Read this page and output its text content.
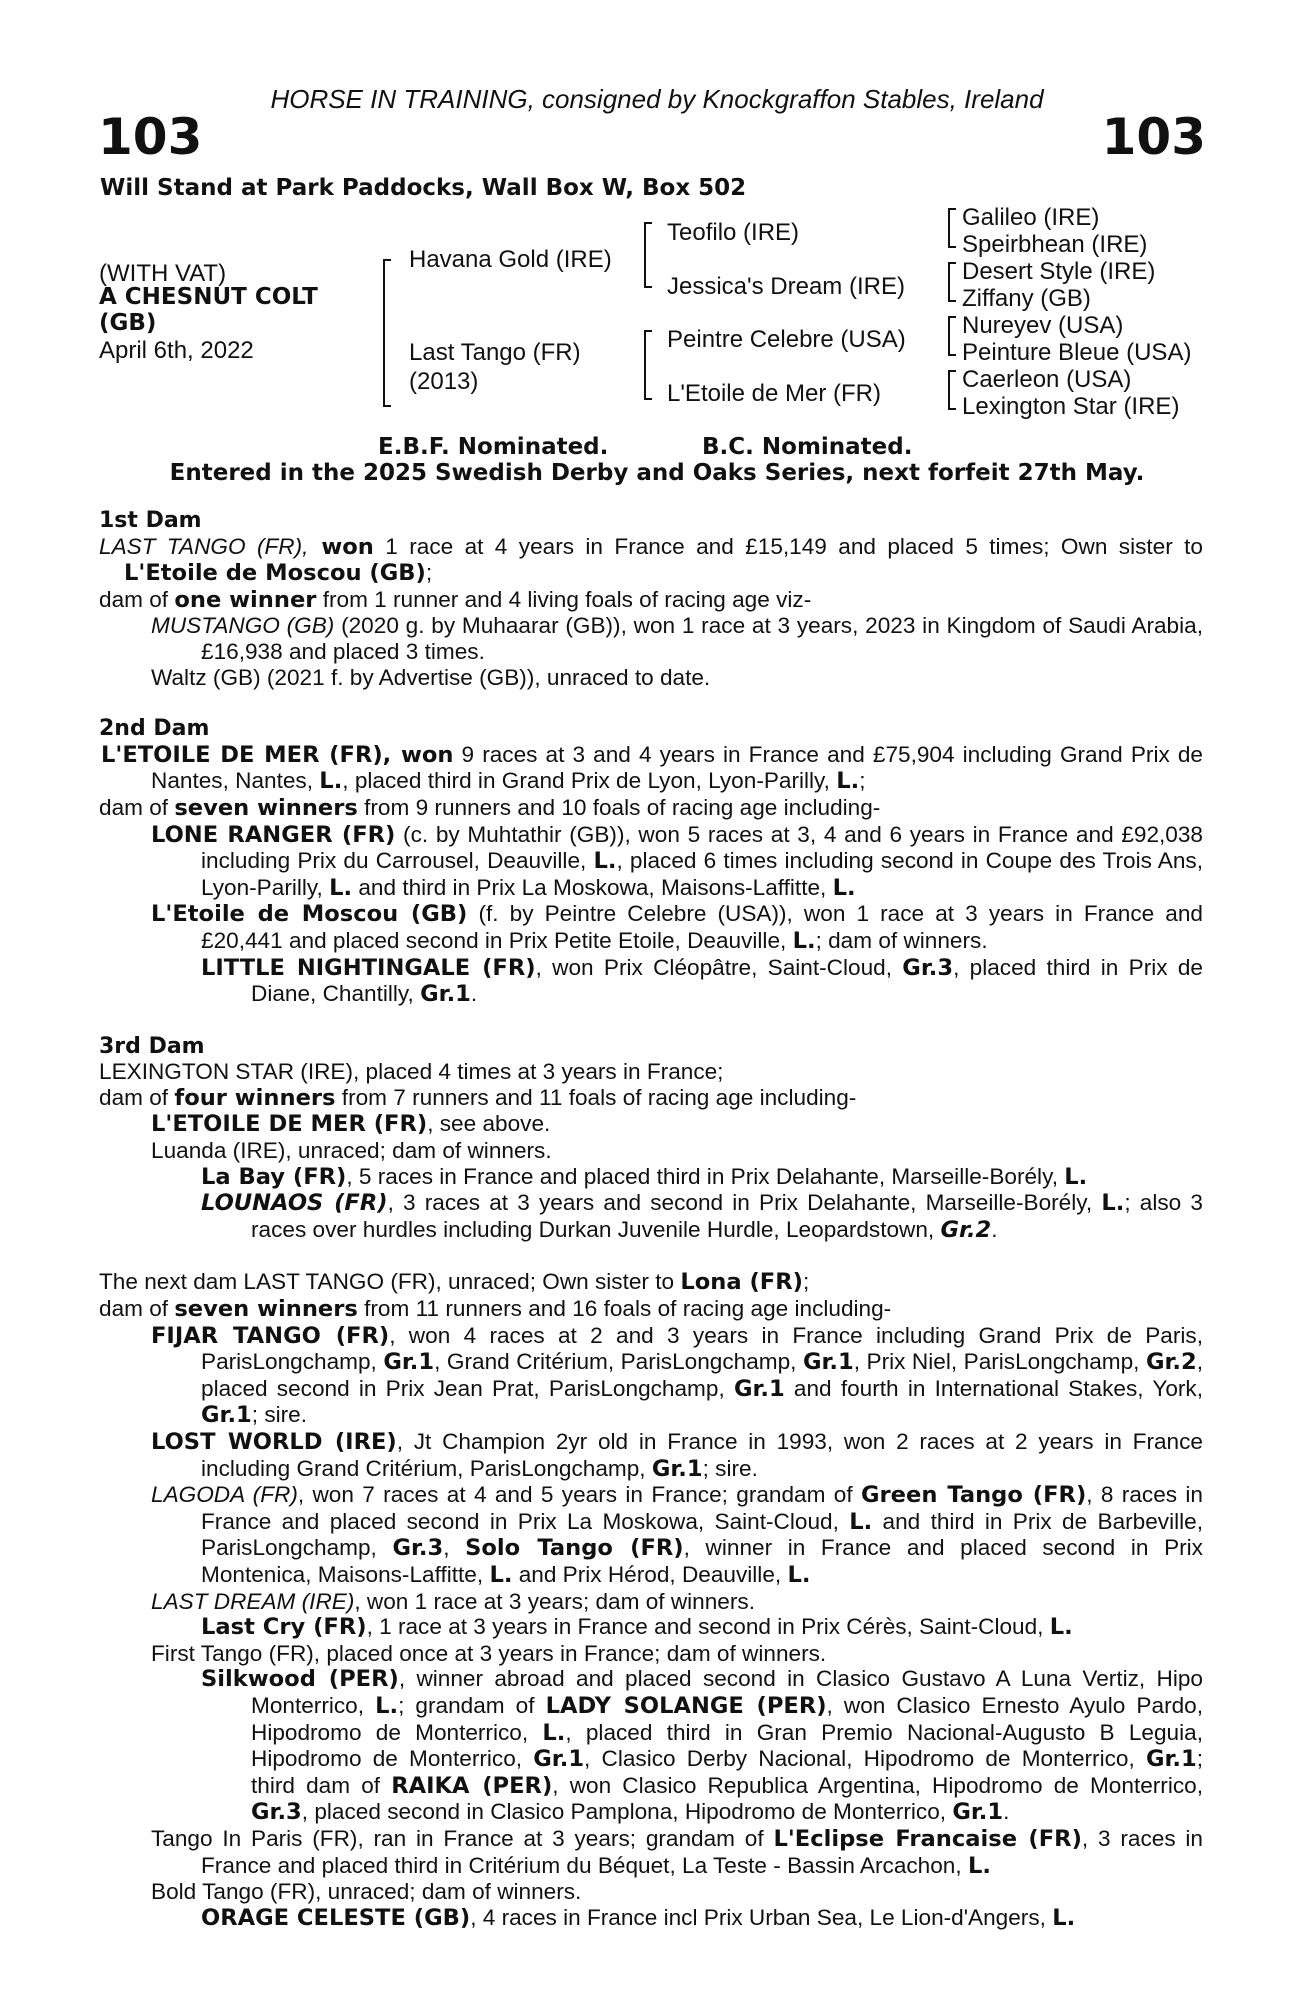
HORSE IN TRAINING, consigned by Knockgraffon Stables, Ireland
103	103
Will Stand at Park Paddocks, Wall Box W, Box 502
(WITH VAT)
A CHESNUT COLT
(GB)
April 6th, 2022
Havana Gold (IRE)
Last Tango (FR)
(2013)
Teofilo (IRE)
Jessica's Dream (IRE)
Peintre Celebre (USA)
L'Etoile de Mer (FR)
Galileo (IRE)
Speirbhean (IRE)
Desert Style (IRE)
Ziffany (GB)
Nureyev (USA)
Peinture Bleue (USA)
Caerleon (USA)
Lexington Star (IRE)
E.B.F. Nominated.	B.C. Nominated.
Entered in the 2025 Swedish Derby and Oaks Series, next forfeit 27th May.
1st Dam
LAST TANGO (FR), won 1 race at 4 years in France and £15,149 and placed 5 times; Own sister to L'Etoile de Moscou (GB);
dam of one winner from 1 runner and 4 living foals of racing age viz-
MUSTANGO (GB) (2020 g. by Muhaarar (GB)), won 1 race at 3 years, 2023 in Kingdom of Saudi Arabia, £16,938 and placed 3 times.
Waltz (GB) (2021 f. by Advertise (GB)), unraced to date.
2nd Dam
L'ETOILE DE MER (FR), won 9 races at 3 and 4 years in France and £75,904 including Grand Prix de Nantes, Nantes, L., placed third in Grand Prix de Lyon, Lyon-Parilly, L.;
dam of seven winners from 9 runners and 10 foals of racing age including-
LONE RANGER (FR) (c. by Muhtathir (GB)), won 5 races at 3, 4 and 6 years in France and £92,038 including Prix du Carrousel, Deauville, L., placed 6 times including second in Coupe des Trois Ans, Lyon-Parilly, L. and third in Prix La Moskowa, Maisons-Laffitte, L.
L'Etoile de Moscou (GB) (f. by Peintre Celebre (USA)), won 1 race at 3 years in France and £20,441 and placed second in Prix Petite Etoile, Deauville, L.; dam of winners.
LITTLE NIGHTINGALE (FR), won Prix Cléopâtre, Saint-Cloud, Gr.3, placed third in Prix de Diane, Chantilly, Gr.1.
3rd Dam
LEXINGTON STAR (IRE), placed 4 times at 3 years in France;
dam of four winners from 7 runners and 11 foals of racing age including-
L'ETOILE DE MER (FR), see above.
Luanda (IRE), unraced; dam of winners.
La Bay (FR), 5 races in France and placed third in Prix Delahante, Marseille-Borély, L.
LOUNAOS (FR), 3 races at 3 years and second in Prix Delahante, Marseille-Borély, L.; also 3 races over hurdles including Durkan Juvenile Hurdle, Leopardstown, Gr.2.
The next dam LAST TANGO (FR), unraced; Own sister to Lona (FR);
dam of seven winners from 11 runners and 16 foals of racing age including-
FIJAR TANGO (FR), won 4 races at 2 and 3 years in France including Grand Prix de Paris, ParisLongchamp, Gr.1, Grand Critérium, ParisLongchamp, Gr.1, Prix Niel, ParisLongchamp, Gr.2, placed second in Prix Jean Prat, ParisLongchamp, Gr.1 and fourth in International Stakes, York, Gr.1; sire.
LOST WORLD (IRE), Jt Champion 2yr old in France in 1993, won 2 races at 2 years in France including Grand Critérium, ParisLongchamp, Gr.1; sire.
LAGODA (FR), won 7 races at 4 and 5 years in France; grandam of Green Tango (FR), 8 races in France and placed second in Prix La Moskowa, Saint-Cloud, L. and third in Prix de Barbeville, ParisLongchamp, Gr.3, Solo Tango (FR), winner in France and placed second in Prix Montenica, Maisons-Laffitte, L. and Prix Hérod, Deauville, L.
LAST DREAM (IRE), won 1 race at 3 years; dam of winners.
Last Cry (FR), 1 race at 3 years in France and second in Prix Cérès, Saint-Cloud, L.
First Tango (FR), placed once at 3 years in France; dam of winners.
Silkwood (PER), winner abroad and placed second in Clasico Gustavo A Luna Vertiz, Hipo Monterrico, L.; grandam of LADY SOLANGE (PER), won Clasico Ernesto Ayulo Pardo, Hipodromo de Monterrico, L., placed third in Gran Premio Nacional-Augusto B Leguia, Hipodromo de Monterrico, Gr.1, Clasico Derby Nacional, Hipodromo de Monterrico, Gr.1; third dam of RAIKA (PER), won Clasico Republica Argentina, Hipodromo de Monterrico, Gr.3, placed second in Clasico Pamplona, Hipodromo de Monterrico, Gr.1.
Tango In Paris (FR), ran in France at 3 years; grandam of L'Eclipse Francaise (FR), 3 races in France and placed third in Critérium du Béquet, La Teste - Bassin Arcachon, L.
Bold Tango (FR), unraced; dam of winners.
ORAGE CELESTE (GB), 4 races in France incl Prix Urban Sea, Le Lion-d'Angers, L.
